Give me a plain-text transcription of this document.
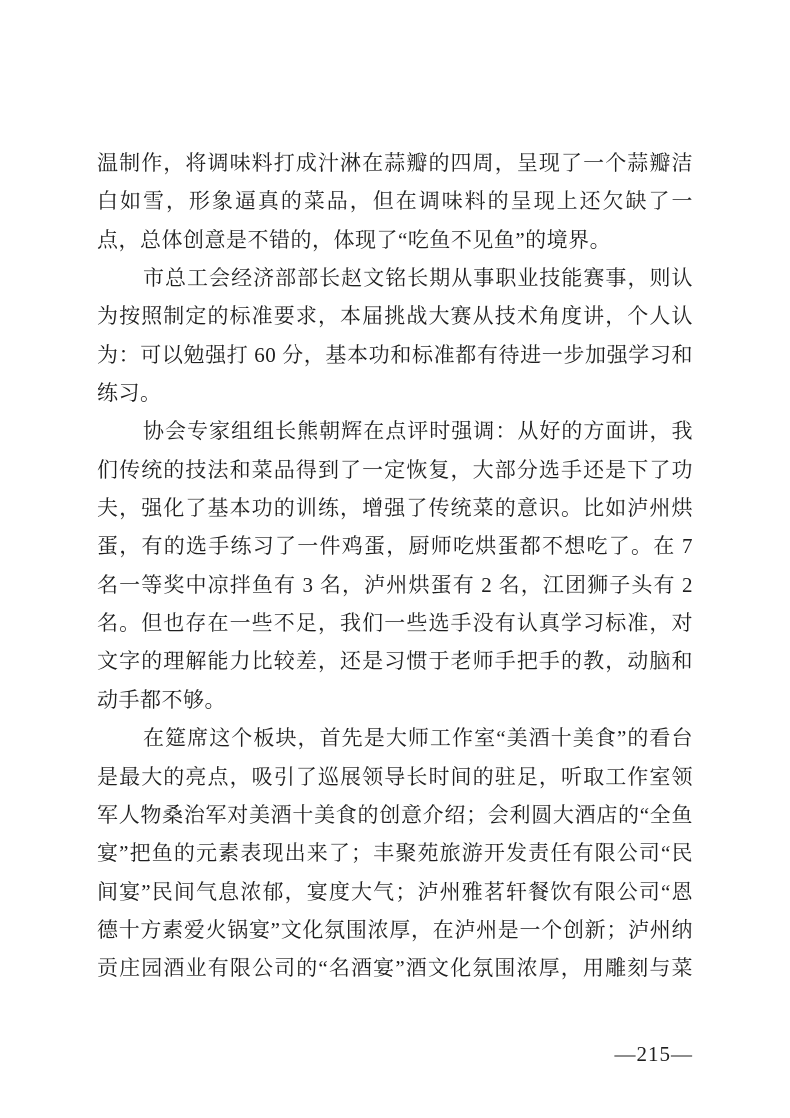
温制作，将调味料打成汁淋在蒜瓣的四周，呈现了一个蒜瓣洁
白如雪，形象逼真的菜品，但在调味料的呈现上还欠缺了一
点，总体创意是不错的，体现了“吃鱼不见鱼”的境界。
市总工会经济部部长赵文铭长期从事职业技能赛事，则认
为按照制定的标准要求，本届挑战大赛从技术角度讲，个人认
为：可以勉强打 60 分，基本功和标准都有待进一步加强学习和
练习。
协会专家组组长熊朝辉在点评时强调：从好的方面讲，我
们传统的技法和菜品得到了一定恢复，大部分选手还是下了功
夫，强化了基本功的训练，增强了传统菜的意识。比如泸州烘
蛋，有的选手练习了一件鸡蛋，厨师吃烘蛋都不想吃了。在 7
名一等奖中凉拌鱼有 3 名，泸州烘蛋有 2 名，江团狮子头有 2
名。但也存在一些不足，我们一些选手没有认真学习标准，对
文字的理解能力比较差，还是习惯于老师手把手的教，动脑和
动手都不够。
在筵席这个板块，首先是大师工作室“美酒十美食”的看台
是最大的亮点，吸引了巡展领导长时间的驻足，听取工作室领
军人物桑治军对美酒十美食的创意介绍；会利圆大酒店的“全鱼
宴”把鱼的元素表现出来了；丰聚苑旅游开发责任有限公司“民
间宴”民间气息浓郁，宴度大气；泸州雅茗轩餐饮有限公司“恩
德十方素爱火锅宴”文化氛围浓厚，在泸州是一个创新；泸州纳
贡庄园酒业有限公司的“名酒宴”酒文化氛围浓厚，用雕刻与菜
—215—
